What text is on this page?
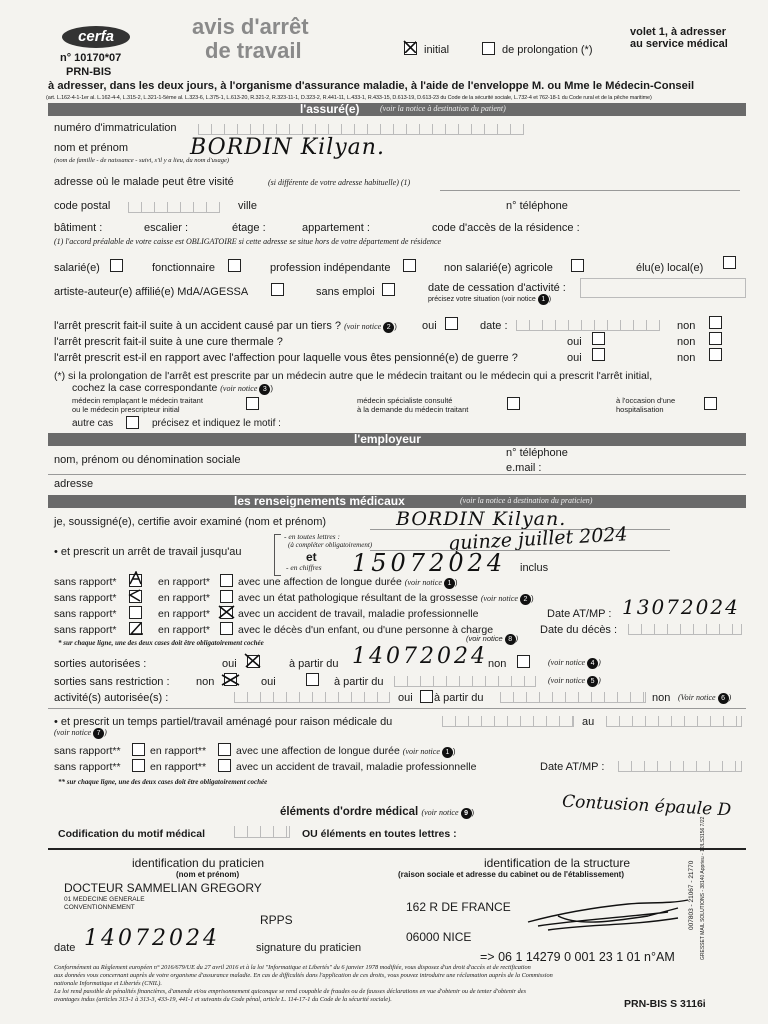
cerfa
n° 10170*07
PRN-BIS
avis d'arrêt
de travail	initial	de prolongation (*)
volet 1, à adresser
au service médical
à adresser, dans les deux jours, à l'organisme d'assurance maladie, à l'aide de l'enveloppe M. ou Mme le Médecin-Conseil
(art. L.162-4-1-1er al. L.162-4-4, L.315-2, L.321-1-5ème al. L.323-6, L.375-1, L.613-20, R.321-2, R.323-11-1, D.323-2, R.441-11, L.433-1, R.433-15, D.613-19, D.613-23 du Code de la sécurité sociale, L.732-4 et 762-18-1 du Code rural et de la pêche maritime)
l'assuré(e)	(voir la notice à destination du patient)
numéro d'immatriculation
nom et prénom	BORDIN Kilyan.
(nom de famille - de naissance - suivi, s'il y a lieu, du nom d'usage)
adresse où le malade peut être visité	(si différente de votre adresse habituelle) (1)
code postal	ville	n° téléphone
bâtiment :	escalier :	étage :	appartement :	code d'accès de la résidence :
(1) l'accord préalable de votre caisse est OBLIGATOIRE si cette adresse se situe hors de votre département de résidence
salarié(e)	fonctionnaire	profession indépendante	non salarié(e) agricole	élu(e) local(e)
artiste-auteur(e) affilié(e) MdA/AGESSA	sans emploi	date de cessation d'activité :
précisez votre situation (voir notice 1 )
l'arrêt prescrit fait-il suite à un accident causé par un tiers ? (voir notice 2 ) oui	date :	non
l'arrêt prescrit fait-il suite à une cure thermale ?	oui	non
l'arrêt prescrit est-il en rapport avec l'affection pour laquelle vous êtes pensionné(e) de guerre ?	oui	non
(*) si la prolongation de l'arrêt est prescrite par un médecin autre que le médecin traitant ou le médecin qui a prescrit l'arrêt initial,
cochez la case correspondante (voir notice 3 )
médecin remplaçant le médecin traitant
ou le médecin prescripteur initial
médecin spécialiste consulté
à la demande du médecin traitant
à l'occasion d'une
hospitalisation
autre cas	précisez et indiquez le motif :
l'employeur
nom, prénom ou dénomination sociale
n° téléphone
e.mail :
adresse
les renseignements médicaux	(voir la notice à destination du praticien)
je, soussigné(e), certifie avoir examiné (nom et prénom)	BORDIN Kilyan.
• et prescrit un arrêt de travail jusqu'au
- en toutes lettres :
(à compléter obligatoirement)
et
- en chiffres
quinze juillet 2024
15072024 inclus
sans rapport*	en rapport*	avec une affection de longue durée (voir notice 1 )
sans rapport*	en rapport*	avec un état pathologique résultant de la grossesse (voir notice 2 )
sans rapport*	en rapport*	avec un accident de travail, maladie professionnelle	Date AT/MP : 13072024
sans rapport*	en rapport*	avec le décès d'un enfant, ou d'une personne à charge
(voir notice 8 )
Date du décès :
* sur chaque ligne, une des deux cases doit être obligatoirement cochée
sorties autorisées :	oui	à partir du 14072024 non	(voir notice 4 )
sorties sans restriction : non	oui	à partir du	(voir notice 5 )
activité(s) autorisée(s) :	oui à partir du	non (Voir notice 6 )
• et prescrit un temps partiel/travail aménagé pour raison médicale du	au
(voir notice 7 )
sans rapport**	en rapport**	avec une affection de longue durée (voir notice 1 )
sans rapport**	en rapport**	avec un accident de travail, maladie professionnelle	Date AT/MP :
** sur chaque ligne, une des deux cases doit être obligatoirement cochée
éléments d'ordre médical (voir notice 9 )	Contusion épaule D
Codification du motif médical	OU éléments en toutes lettres :
identification du praticien
(nom et prénom)
DOCTEUR SAMMELIAN GREGORY
01 MEDECINE GENERALE
CONVENTIONNEMENT
RPPS
date 14072024	signature du praticien
identification de la structure
(raison sociale et adresse du cabinet ou de l'établissement)
162 R DE FRANCE
06000 NICE
=> 06 1 14279 0 001 23 1 01 n°AM
Conformément au Règlement européen n° 2016/679/UE du 27 avril 2016 et à la loi "Informatique et Libertés" du 6 janvier 1978 modifiée, vous disposez d'un droit d'accès et de rectification
aux données vous concernant auprès de votre organisme d'assurance maladie. En cas de difficultés dans l'application de ces droits, vous pouvez introduire une réclamation auprès de la Commission
nationale Informatique et Libertés (CNIL).
La loi rend passible de pénalités financières, d'amende et/ou emprisonnement quiconque se rend coupable de fraudes ou de fausses déclarations en vue d'obtenir ou de tenter d'obtenir des
avantages indus (articles 313-1 à 313-3, 433-19, 441-1 et suivants du Code pénal, article L. 114-17-1 du Code de la sécurité sociale).	PRN-BIS S 3116i
007803 - 21067 - 21770 GRESSET MAIL SOLUTIONS - 38140 Apprieu - 12/LS3156 7/22
